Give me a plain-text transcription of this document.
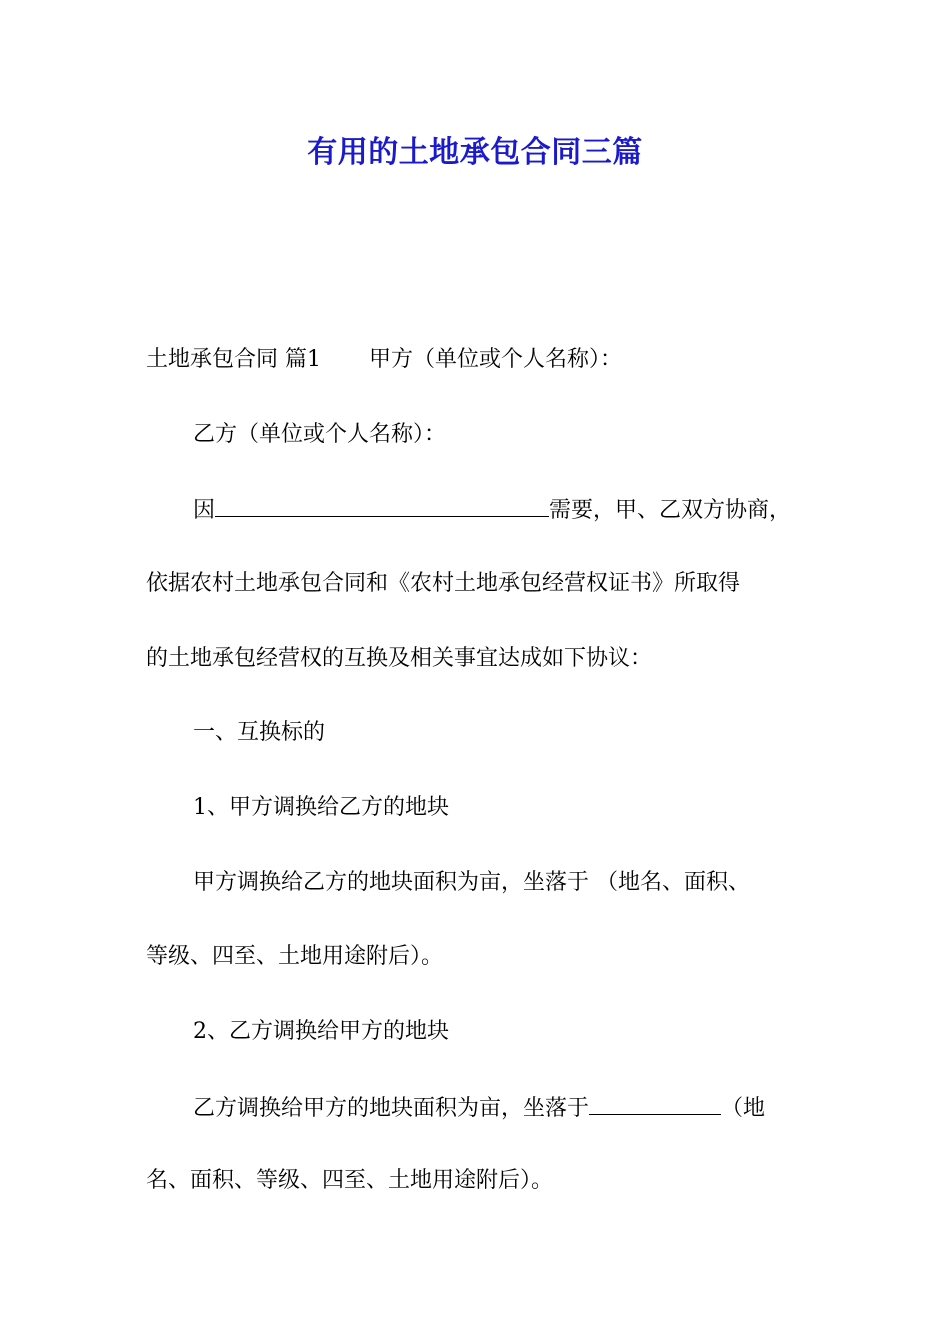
有用的土地承包合同三篇
土地承包合同 篇1 甲方（单位或个人名称）：
乙方（单位或个人名称）：
因	需要，甲、乙双方协商，
依据农村土地承包合同和《农村土地承包经营权证书》所取得
的土地承包经营权的互换及相关事宜达成如下协议：
一、互换标的
1、甲方调换给乙方的地块
甲方调换给乙方的地块面积为亩，坐落于 （地名、面积、
等级、四至、土地用途附后）。
2、乙方调换给甲方的地块
乙方调换给甲方的地块面积为亩，坐落于	（地
名、面积、等级、四至、土地用途附后）。
